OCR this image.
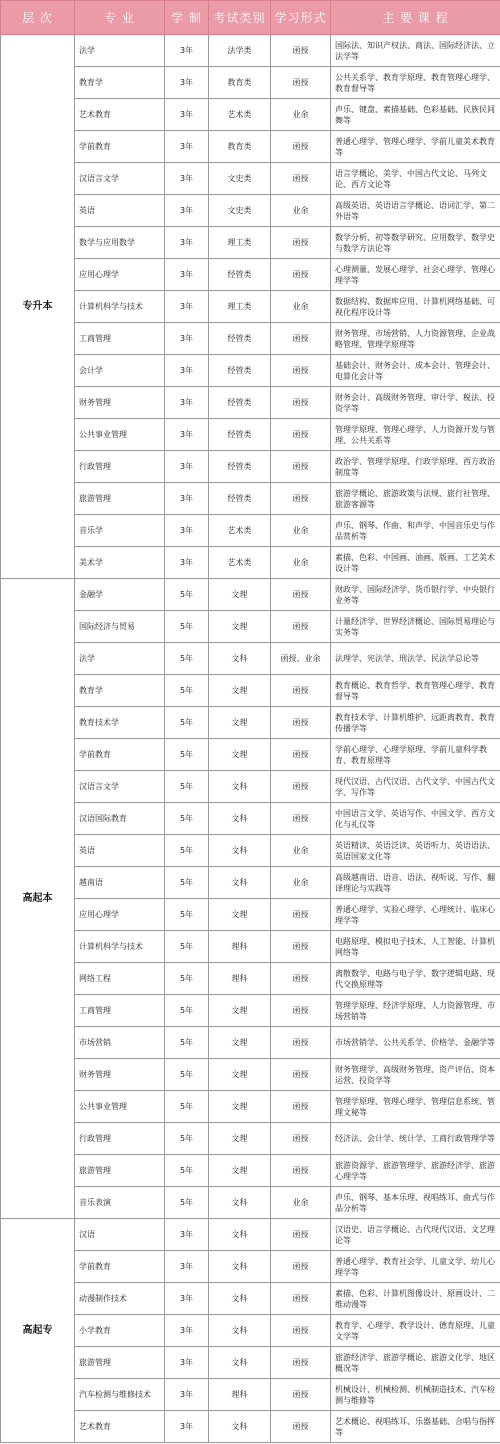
层 次	专 业	学 制	考试类别	学习形式	主 要 课 程
专升本	法学	3年	法学类	函授	国际法、知识产权法、商法、国际经济法、立法学等
	教育学	3年	教育类	函授	公共关系学、教育学原理、教育管理心理学、教育督导等
	艺术教育	3年	艺术类	业余	声乐、键盘、素描基础、色彩基础、民族民间舞等
	学前教育	3年	教育类	函授	普通心理学、管理心理学、学前儿童美术教育等
	汉语言文学	3年	文史类	函授	语言学概论、美学、中国古代文论、马列文论、西方文论等
	英语	3年	文史类	业余	高级英语、英语语言学概论、语词汇学、第二外语等
	数学与应用数学	3年	理工类	函授	数学分析、初等数学研究、应用数学、数学史与数学方法论等
	应用心理学	3年	经管类	函授	心理测量、发展心理学、社会心理学、管理心理学等
	计算机科学与技术	3年	理工类	业余	数据结构、数据库应用、计算机网络基础、可视化程序设计等
	工商管理	3年	经管类	函授	财务管理、市场营销、人力资源管理、企业战略管理、管理学原理等
	会计学	3年	经管类	函授	基础会计、财务会计、成本会计、管理会计、电算化会计等
	财务管理	3年	经管类	函授	财务会计、高级财务管理、审计学、税法、投资学等
	公共事业管理	3年	经管类	函授	管理学原理、管理心理学、人力资源开发与管理、公共关系等
	行政管理	3年	经管类	函授	政治学、管理学原理、行政学原理、西方政治制度等
	旅游管理	3年	经管类	函授	旅游学概论、旅游政策与法规、旅行社管理、旅游客源等
	音乐学	3年	艺术类	业余	声乐、钢琴、作曲、和声学、中国音乐史与作品赏析等
	美术学	3年	艺术类	业余	素描、色彩、中国画、油画、版画、工艺美术设计等
高起本	金融学	5年	文理	函授	财政学、国际经济学、货币银行学、中央银行业务等
	国际经济与贸易	5年	文理	函授	计量经济学、世界经济概论、国际贸易理论与实务等
	法学	5年	文科	函授、业余	法理学、宪法学、刑法学、民法学总论等
	教育学	5年	文理	函授	教育概论、教育哲学、教育管理心理学、教育督导等
	教育技术学	5年	文理	函授	教育技术学、计算机维护、远距离教育、教育传播学等
	学前教育	5年	文理	函授	学前心理学、心理学原理、学前儿童科学教育、教育原理等
	汉语言文学	5年	文科	函授	现代汉语、古代汉语、古代文学、中国古代文学、写作等
	汉语国际教育	5年	文科	函授	中国语言文学、英语写作、中国文学、西方文化与礼仪等
	英语	5年	文科	业余	英语精读、英语泛读、英语听力、英语语法、英语国家文化等
	越南语	5年	文科	业余	高级越南语、语音、语法、视听说、写作、翻译理论与实践等
	应用心理学	5年	文理	函授	普通心理学、实验心理学、心理统计、临床心理学等
	计算机科学与技术	5年	理科	函授	电路原理、模拟电子技术、人工智能、计算机网络等
	网络工程	5年	理科	函授	离散数学、电路与电子学、数字逻辑电路、现代交换原理等
	工商管理	5年	文理	函授	管理学原理、经济学原理、人力资源管理、市场营销等
	市场营销	5年	文理	函授	市场营销学、公共关系学、价格学、金融学等
	财务管理	5年	文理	函授	财务管理学、高级财务管理、资产评估、资本运营、投资学等
	公共事业管理	5年	文理	函授	管理学原理、管理心理学、管理信息系统、管理文秘等
	行政管理	5年	文理	函授	经济法、会计学、统计学、工商行政管理学等
	旅游管理	5年	文理	函授	旅游资源学、旅游管理学、旅游经济学、旅游心理学等
	音乐表演	5年	文科	业余	声乐、钢琴、基本乐理、视唱练耳、曲式与作品分析等
高起专	汉语	3年	文科	函授	汉语史、语言学概论、古代现代汉语、文艺理论等
	学前教育	3年	文科	函授	普通心理学、教育社会学、儿童文学、幼儿心理学等
	动漫制作技术	3年	文科	函授	素描、色彩、计算机图像设计、原画设计、二维动漫等
	小学教育	3年	文科	函授	教育学、心理学、教学设计、德育原理、儿童文学等
	旅游管理	3年	文科	函授	旅游经济学、旅游学概论、旅游文化学、地区概况等
	汽车检测与维修技术	3年	理科	函授	机械设计、机械检测、机械制造技术、汽车检测与维修等
	艺术教育	3年	文科	函授	艺术概论、视唱练耳、乐器基础、合唱与指挥等
